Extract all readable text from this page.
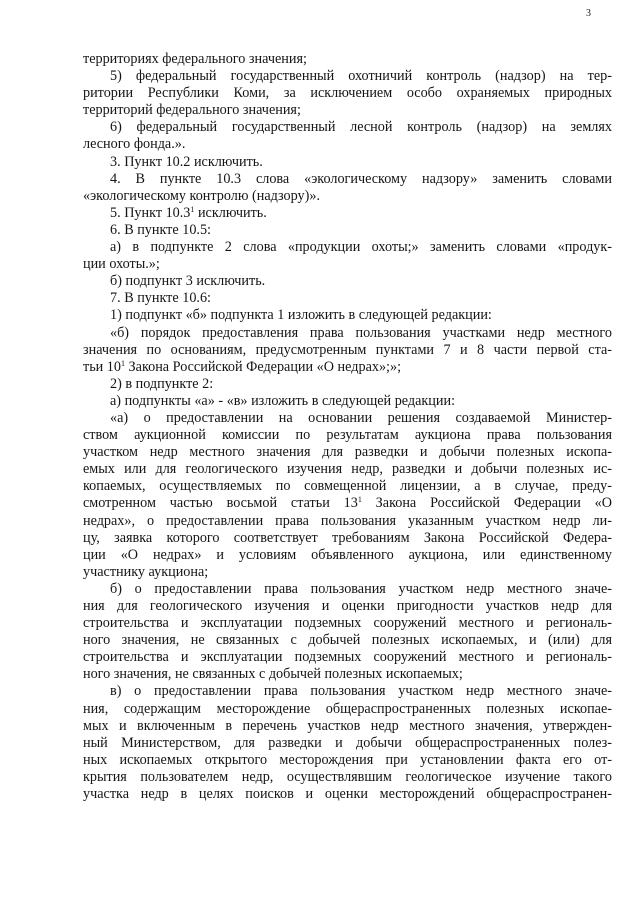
3
территориях федерального значения;
5) федеральный государственный охотничий контроль (надзор) на тер-
ритории Республики Коми, за исключением особо охраняемых природных
территорий федерального значения;
6) федеральный государственный лесной контроль (надзор) на землях
лесного фонда.».
3. Пункт 10.2 исключить.
4. В пункте 10.3 слова «экологическому надзору» заменить словами
«экологическому контролю (надзору)».
5. Пункт 10.3$^1$ исключить.
6. В пункте 10.5:
а) в подпункте 2 слова «продукции охоты;» заменить словами «продук-
ции охоты.»;
б) подпункт 3 исключить.
7. В пункте 10.6:
1) подпункт «б» подпункта 1 изложить в следующей редакции:
«б) порядок предоставления права пользования участками недр местного
значения по основаниям, предусмотренным пунктами 7 и 8 части первой ста-
тьи $10^1$ Закона Российской Федерации «О недрах»;»;
2) в подпункте 2:
а) подпункты «а» - «в» изложить в следующей редакции:
«а) о предоставлении на основании решения создаваемой Министер-
ством аукционной комиссии по результатам аукциона права пользования
участком недр местного значения для разведки и добычи полезных ископа-
емых или для геологического изучения недр, разведки и добычи полезных ис-
копаемых, осуществляемых по совмещенной лицензии, а в случае, преду-
смотренном частью восьмой статьи $13^1$ Закона Российской Федерации «О
недрах», о предоставлении права пользования указанным участком недр ли-
цу, заявка которого соответствует требованиям Закона Российской Федера-
ции «О недрах» и условиям объявленного аукциона, или единственному
участнику аукциона;
б) о предоставлении права пользования участком недр местного значе-
ния для геологического изучения и оценки пригодности участков недр для
строительства и эксплуатации подземных сооружений местного и региональ-
ного значения, не связанных с добычей полезных ископаемых, и (или) для
строительства и эксплуатации подземных сооружений местного и региональ-
ного значения, не связанных с добычей полезных ископаемых;
в) о предоставлении права пользования участком недр местного значе-
ния, содержащим месторождение общераспространенных полезных ископае-
мых и включенным в перечень участков недр местного значения, утвержден-
ный Министерством, для разведки и добычи общераспространенных полез-
ных ископаемых открытого месторождения при установлении факта его от-
крытия пользователем недр, осуществлявшим геологическое изучение такого
участка недр в целях поисков и оценки месторождений общераспространен-
